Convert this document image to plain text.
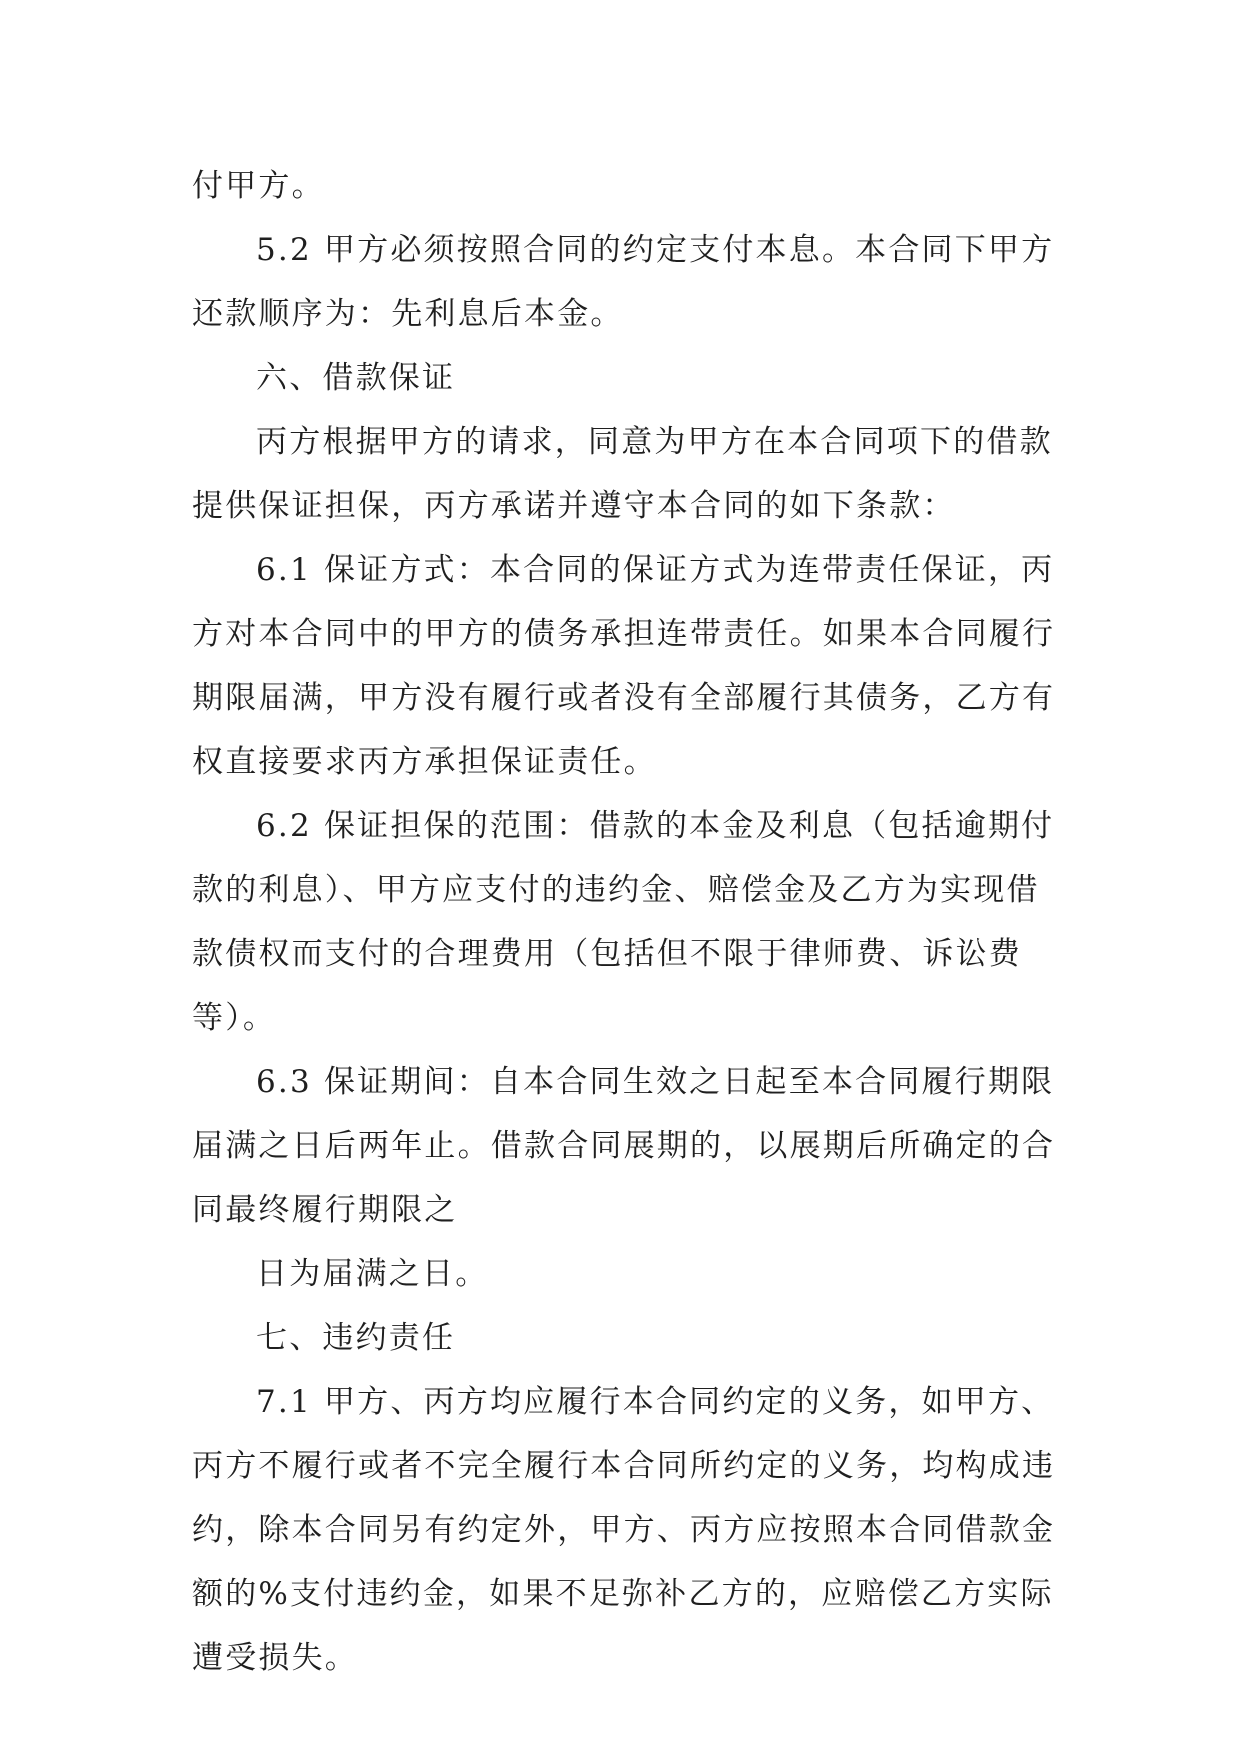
付甲方。
5.2 甲方必须按照合同的约定支付本息。本合同下甲方
还款顺序为：先利息后本金。
六、借款保证
丙方根据甲方的请求，同意为甲方在本合同项下的借款
提供保证担保，丙方承诺并遵守本合同的如下条款：
6.1 保证方式：本合同的保证方式为连带责任保证，丙
方对本合同中的甲方的债务承担连带责任。如果本合同履行
期限届满，甲方没有履行或者没有全部履行其债务，乙方有
权直接要求丙方承担保证责任。
6.2 保证担保的范围：借款的本金及利息（包括逾期付
款的利息）、甲方应支付的违约金、赔偿金及乙方为实现借
款债权而支付的合理费用（包括但不限于律师费、诉讼费
等）。
6.3 保证期间：自本合同生效之日起至本合同履行期限
届满之日后两年止。借款合同展期的，以展期后所确定的合
同最终履行期限之
日为届满之日。
七、违约责任
7.1 甲方、丙方均应履行本合同约定的义务，如甲方、
丙方不履行或者不完全履行本合同所约定的义务，均构成违
约，除本合同另有约定外，甲方、丙方应按照本合同借款金
额的%支付违约金，如果不足弥补乙方的，应赔偿乙方实际
遭受损失。
